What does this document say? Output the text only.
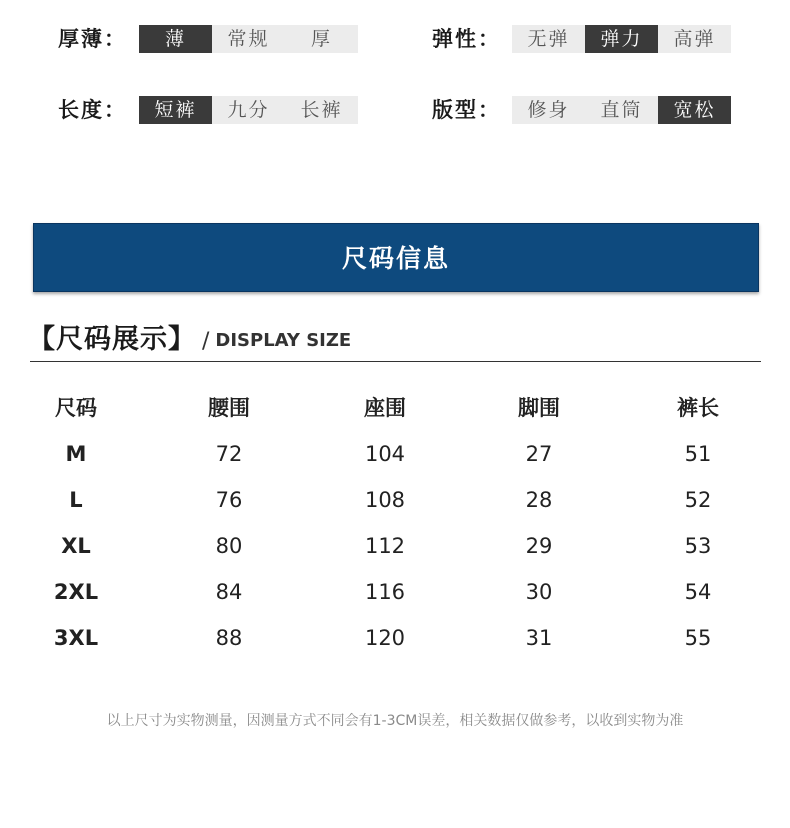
厚薄：	薄	常规	厚	弹性：	无弹	弹力	高弹
长度：	短裤	九分	长裤	版型：	修身	直筒	宽松
尺码信息
【尺码展示】 / DISPLAY SIZE
尺码	腰围	座围	脚围	裤长
M	72	104	27	51
L	76	108	28	52
XL	80	112	29	53
2XL	84	116	30	54
3XL	88	120	31	55
以上尺寸为实物测量，因测量方式不同会有1-3CM误差，相关数据仅做参考，以收到实物为准
